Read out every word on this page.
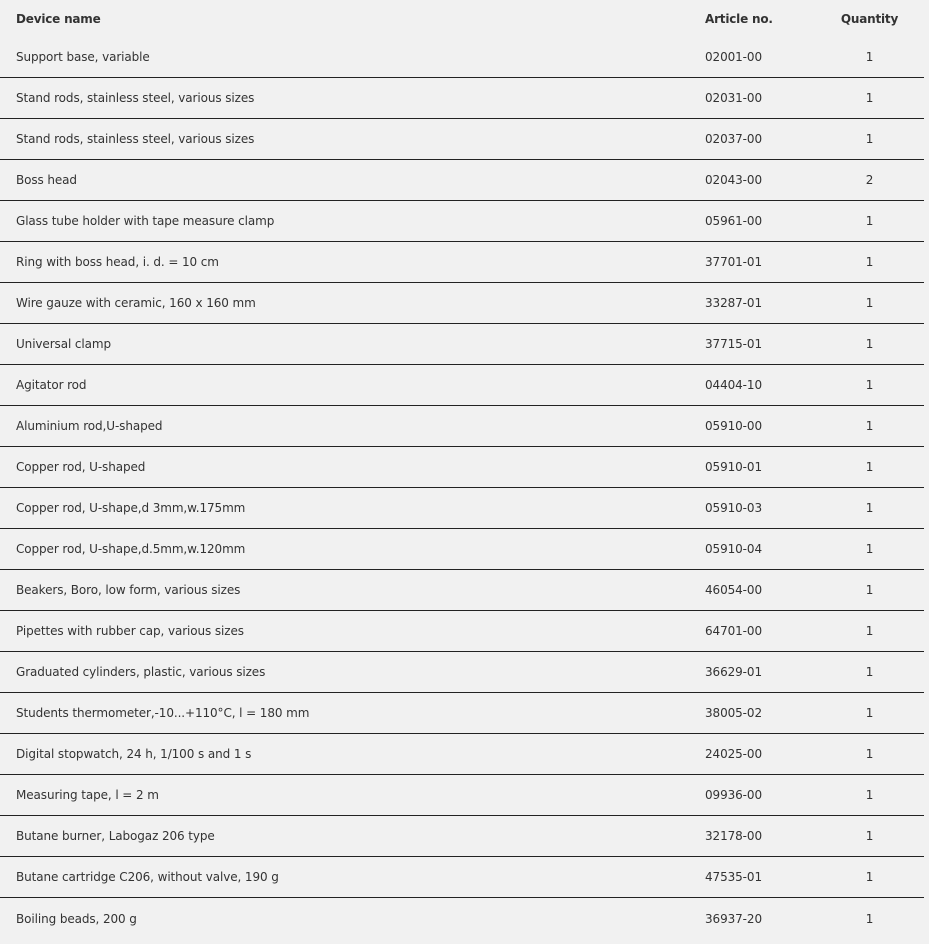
Device name	Article no.	Quantity
Support base, variable	02001-00	1
Stand rods, stainless steel, various sizes	02031-00	1
Stand rods, stainless steel, various sizes	02037-00	1
Boss head	02043-00	2
Glass tube holder with tape measure clamp	05961-00	1
Ring with boss head, i. d. = 10 cm	37701-01	1
Wire gauze with ceramic, 160 x 160 mm	33287-01	1
Universal clamp	37715-01	1
Agitator rod	04404-10	1
Aluminium rod,U-shaped	05910-00	1
Copper rod, U-shaped	05910-01	1
Copper rod, U-shape,d 3mm,w.175mm	05910-03	1
Copper rod, U-shape,d.5mm,w.120mm	05910-04	1
Beakers, Boro, low form, various sizes	46054-00	1
Pipettes with rubber cap, various sizes	64701-00	1
Graduated cylinders, plastic, various sizes	36629-01	1
Students thermometer,-10...+110°C, l = 180 mm	38005-02	1
Digital stopwatch, 24 h, 1/100 s and 1 s	24025-00	1
Measuring tape, l = 2 m	09936-00	1
Butane burner, Labogaz 206 type	32178-00	1
Butane cartridge C206, without valve, 190 g	47535-01	1
Boiling beads, 200 g	36937-20	1
